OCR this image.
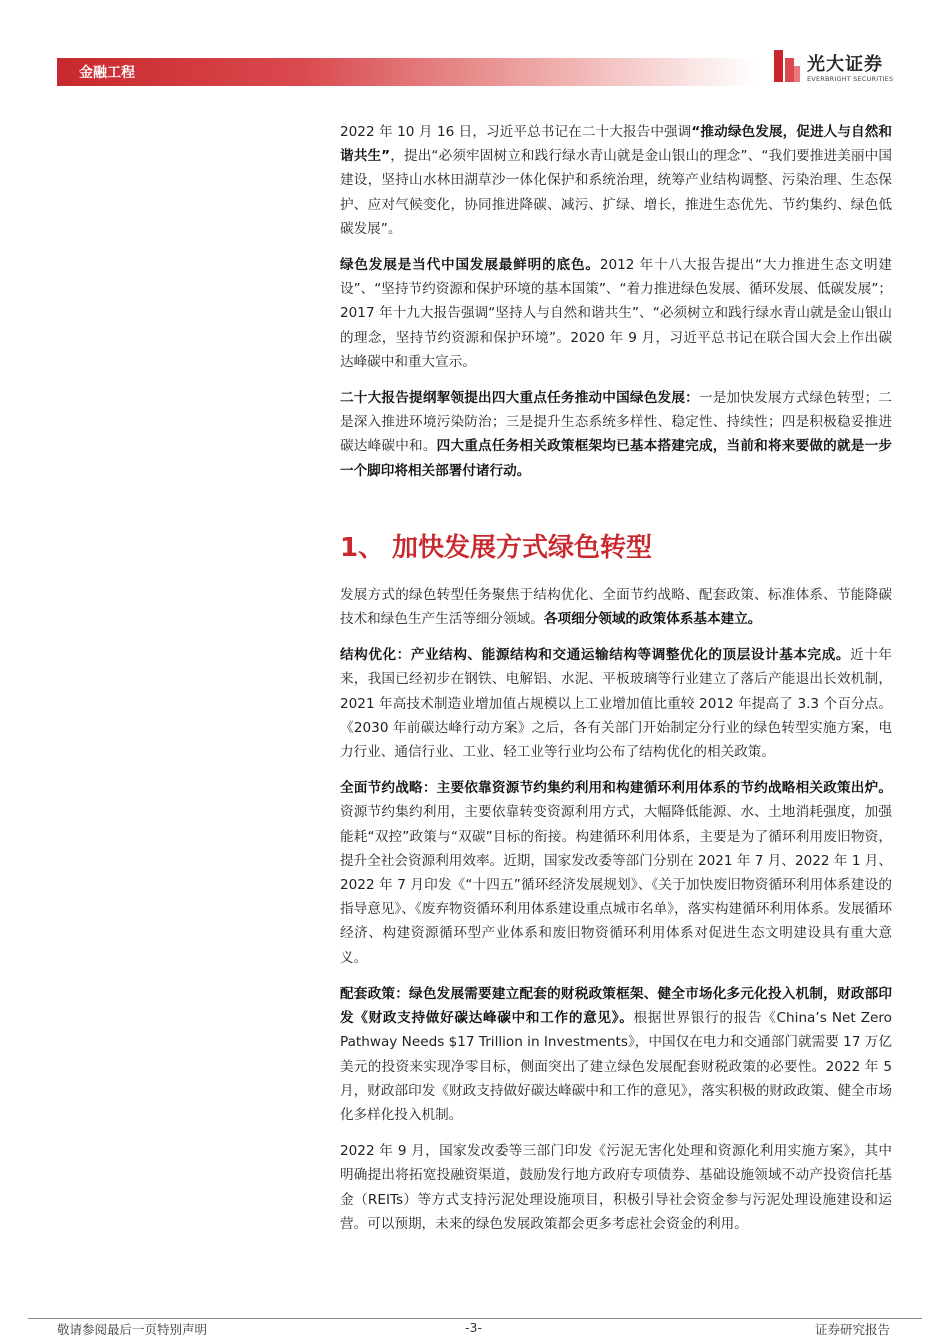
金融工程	光大证券
EVERBRIGHT SECURITIES

2022 年 10 月 16 日，习近平总书记在二十大报告中强调“推动绿色发展，促进人与自然和谐共生”，提出“必须牢固树立和践行绿水青山就是金山银山的理念”、“我们要推进美丽中国建设，坚持山水林田湖草沙一体化保护和系统治理，统筹产业结构调整、污染治理、生态保护、应对气候变化，协同推进降碳、减污、扩绿、增长，推进生态优先、节约集约、绿色低碳发展”。

绿色发展是当代中国发展最鲜明的底色。2012 年十八大报告提出“大力推进生态文明建设”、“坚持节约资源和保护环境的基本国策”、“着力推进绿色发展、循环发展、低碳发展”；2017 年十九大报告强调“坚持人与自然和谐共生”、“必须树立和践行绿水青山就是金山银山的理念，坚持节约资源和保护环境”。2020 年 9 月，习近平总书记在联合国大会上作出碳达峰碳中和重大宣示。

二十大报告提纲挈领提出四大重点任务推动中国绿色发展：一是加快发展方式绿色转型；二是深入推进环境污染防治；三是提升生态系统多样性、稳定性、持续性；四是积极稳妥推进碳达峰碳中和。四大重点任务相关政策框架均已基本搭建完成，当前和将来要做的就是一步一个脚印将相关部署付诸行动。

1、 加快发展方式绿色转型

发展方式的绿色转型任务聚焦于结构优化、全面节约战略、配套政策、标准体系、节能降碳技术和绿色生产生活等细分领域。各项细分领域的政策体系基本建立。

结构优化：产业结构、能源结构和交通运输结构等调整优化的顶层设计基本完成。近十年来，我国已经初步在钢铁、电解铝、水泥、平板玻璃等行业建立了落后产能退出长效机制，2021 年高技术制造业增加值占规模以上工业增加值比重较 2012 年提高了 3.3 个百分点。《2030 年前碳达峰行动方案》之后，各有关部门开始制定分行业的绿色转型实施方案，电力行业、通信行业、工业、轻工业等行业均公布了结构优化的相关政策。

全面节约战略：主要依靠资源节约集约利用和构建循环利用体系的节约战略相关政策出炉。资源节约集约利用，主要依靠转变资源利用方式，大幅降低能源、水、土地消耗强度，加强能耗“双控”政策与“双碳”目标的衔接。构建循环利用体系，主要是为了循环利用废旧物资，提升全社会资源利用效率。近期，国家发改委等部门分别在 2021 年 7 月、2022 年 1 月、2022 年 7 月印发《“十四五”循环经济发展规划》、《关于加快废旧物资循环利用体系建设的指导意见》、《废弃物资循环利用体系建设重点城市名单》，落实构建循环利用体系。发展循环经济、构建资源循环型产业体系和废旧物资循环利用体系对促进生态文明建设具有重大意义。

配套政策：绿色发展需要建立配套的财税政策框架、健全市场化多元化投入机制，财政部印发《财政支持做好碳达峰碳中和工作的意见》。根据世界银行的报告《China’s Net Zero Pathway Needs $17 Trillion in Investments》，中国仅在电力和交通部门就需要 17 万亿美元的投资来实现净零目标，侧面突出了建立绿色发展配套财税政策的必要性。2022 年 5 月，财政部印发《财政支持做好碳达峰碳中和工作的意见》，落实积极的财政政策、健全市场化多样化投入机制。

2022 年 9 月，国家发改委等三部门印发《污泥无害化处理和资源化利用实施方案》，其中明确提出将拓宽投融资渠道，鼓励发行地方政府专项债券、基础设施领域不动产投资信托基金（REITs）等方式支持污泥处理设施项目，积极引导社会资金参与污泥处理设施建设和运营。可以预期，未来的绿色发展政策都会更多考虑社会资金的利用。

敬请参阅最后一页特别声明	-3-	证券研究报告
